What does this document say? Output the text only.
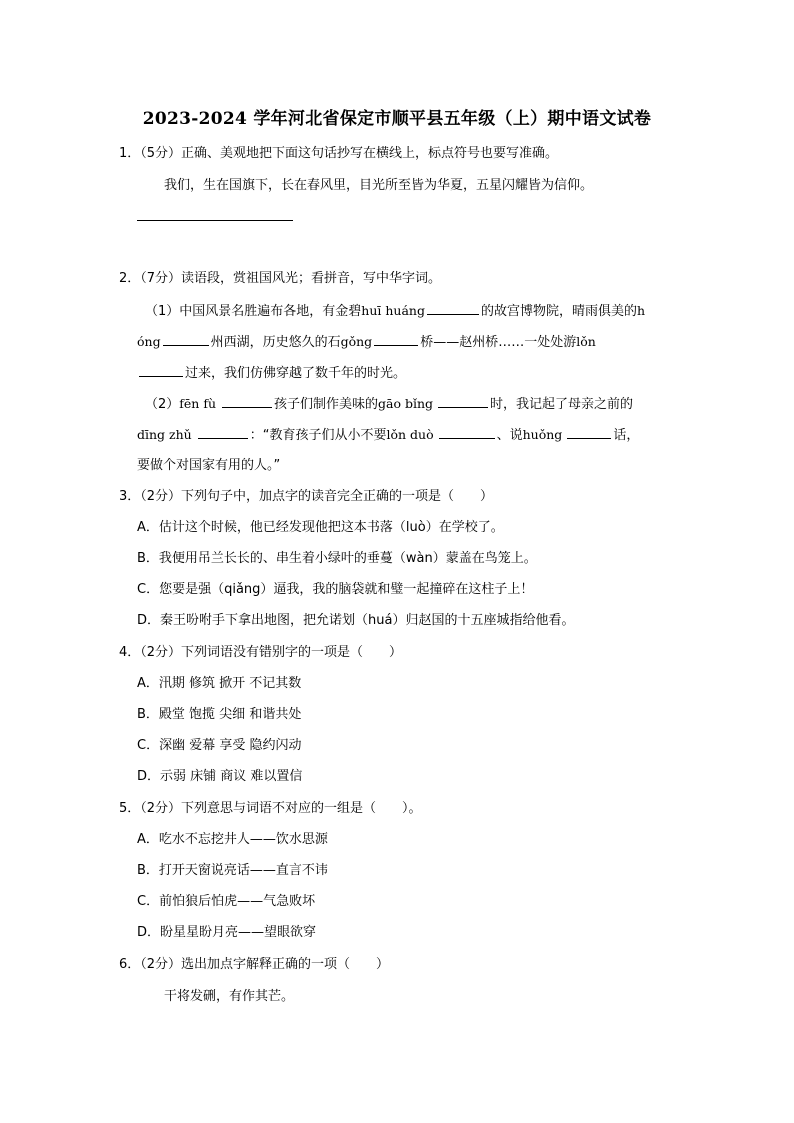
2023-2024 学年河北省保定市顺平县五年级（上）期中语文试卷
1．（5分）正确、美观地把下面这句话抄写在横线上，标点符号也要写准确。
我们，生在国旗下，长在春风里，目光所至皆为华夏，五星闪耀皆为信仰。
2．（7分）读语段，赏祖国风光；看拼音，写中华字词。
（1）中国风景名胜遍布各地，有金碧huī huáng	的故宫博物院，晴雨俱美的h
óng	州西湖，历史悠久的石gǒng	桥——赵州桥……一处处游lǒn
过来，我们仿佛穿越了数千年的时光。
（2）fēn fù	孩子们制作美味的gāo bǐng	时，我记起了母亲之前的
dīng zhǔ	：“教育孩子们从小不要lǒn duò	、说huǒng	话，
要做个对国家有用的人。”
3．（2分）下列句子中，加点字的读音完全正确的一项是（　　）
A．估计这个时候，他已经发现他把这本书落（luò）在学校了。
B．我便用吊兰长长的、串生着小绿叶的垂蔓（wàn）蒙盖在鸟笼上。
C．您要是强（qiǎng）逼我，我的脑袋就和璧一起撞碎在这柱子上！
D．秦王吩咐手下拿出地图，把允诺划（huá）归赵国的十五座城指给他看。
4．（2分）下列词语没有错别字的一项是（　　）
A．汛期 修筑 掀开 不记其数
B．殿堂 饱揽 尖细 和谐共处
C．深幽 爱幕 享受 隐约闪动
D．示弱 床铺 商议 难以置信
5．（2分）下列意思与词语不对应的一组是（　　）。
A．吃水不忘挖井人——饮水思源
B．打开天窗说亮话——直言不讳
C．前怕狼后怕虎——气急败坏
D．盼星星盼月亮——望眼欲穿
6．（2分）选出加点字解释正确的一项（　　）
干将发硎，有作其芒。
